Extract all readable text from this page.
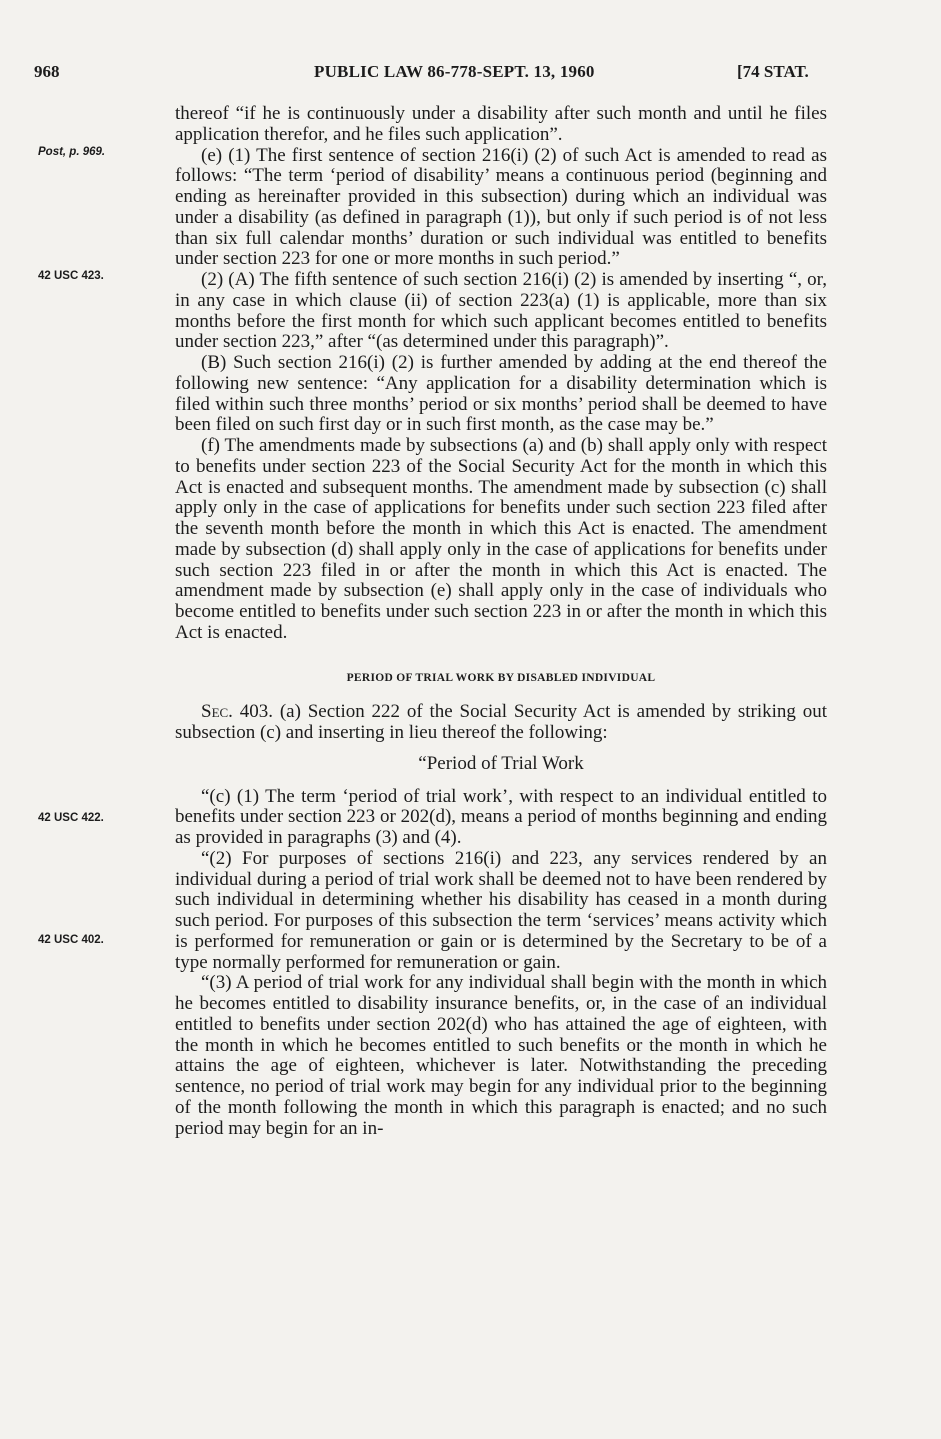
968	PUBLIC LAW 86-778-SEPT. 13, 1960	[74 STAT.
Post, p. 969.
42 USC 423.
42 USC 422.
42 USC 402.

thereof “if he is continuously under a disability after such month and until he files application therefor, and he files such application”.

(e) (1) The first sentence of section 216(i) (2) of such Act is amended to read as follows: “The term ‘period of disability’ means a continuous period (beginning and ending as hereinafter provided in this subsection) during which an individual was under a disability (as defined in paragraph (1)), but only if such period is of not less than six full calendar months’ duration or such individual was entitled to benefits under section 223 for one or more months in such period.”

(2) (A) The fifth sentence of such section 216(i) (2) is amended by inserting “, or, in any case in which clause (ii) of section 223(a) (1) is applicable, more than six months before the first month for which such applicant becomes entitled to benefits under section 223,” after “(as determined under this paragraph)”.

(B) Such section 216(i) (2) is further amended by adding at the end thereof the following new sentence: “Any application for a disability determination which is filed within such three months’ period or six months’ period shall be deemed to have been filed on such first day or in such first month, as the case may be.”

(f) The amendments made by subsections (a) and (b) shall apply only with respect to benefits under section 223 of the Social Security Act for the month in which this Act is enacted and subsequent months. The amendment made by subsection (c) shall apply only in the case of applications for benefits under such section 223 filed after the seventh month before the month in which this Act is enacted. The amendment made by subsection (d) shall apply only in the case of applications for benefits under such section 223 filed in or after the month in which this Act is enacted. The amendment made by subsection (e) shall apply only in the case of individuals who become entitled to benefits under such section 223 in or after the month in which this Act is enacted.

PERIOD OF TRIAL WORK BY DISABLED INDIVIDUAL

Sec. 403. (a) Section 222 of the Social Security Act is amended by striking out subsection (c) and inserting in lieu thereof the following:

“Period of Trial Work

“(c) (1) The term ‘period of trial work’, with respect to an individual entitled to benefits under section 223 or 202(d), means a period of months beginning and ending as provided in paragraphs (3) and (4).

“(2) For purposes of sections 216(i) and 223, any services rendered by an individual during a period of trial work shall be deemed not to have been rendered by such individual in determining whether his disability has ceased in a month during such period. For purposes of this subsection the term ‘services’ means activity which is performed for remuneration or gain or is determined by the Secretary to be of a type normally performed for remuneration or gain.

“(3) A period of trial work for any individual shall begin with the month in which he becomes entitled to disability insurance benefits, or, in the case of an individual entitled to benefits under section 202(d) who has attained the age of eighteen, with the month in which he becomes entitled to such benefits or the month in which he attains the age of eighteen, whichever is later. Notwithstanding the preceding sentence, no period of trial work may begin for any individual prior to the beginning of the month following the month in which this paragraph is enacted; and no such period may begin for an in-
